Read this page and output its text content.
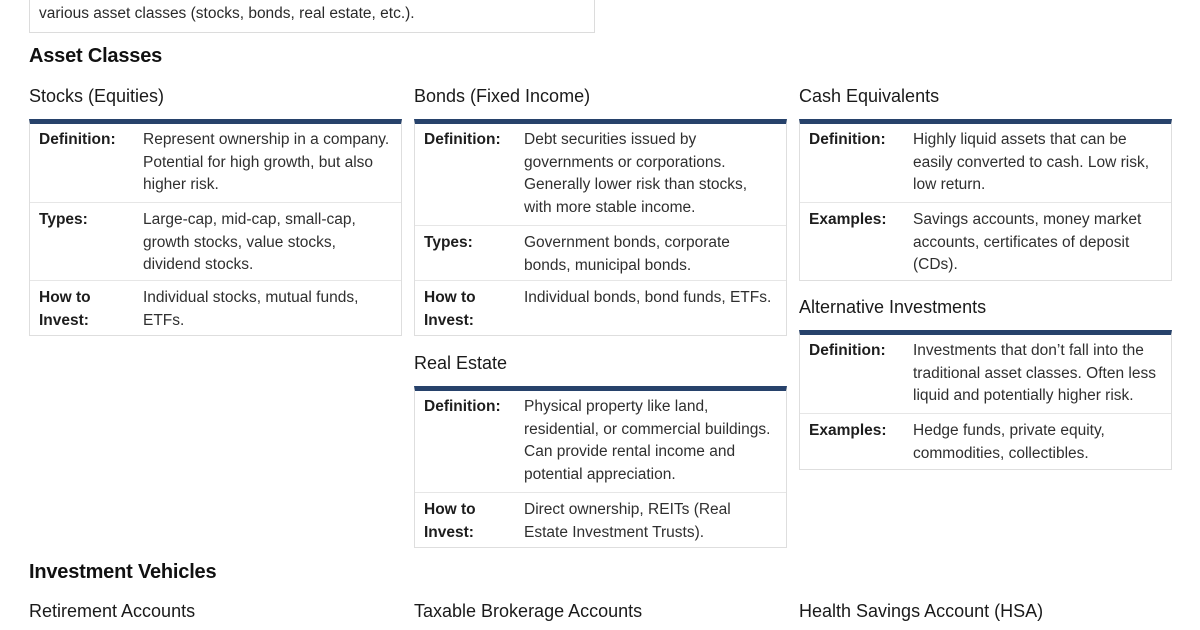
various asset classes (stocks, bonds, real estate, etc.).

Asset Classes
Stocks (Equities)
Definition:	Represent ownership in a company. Potential for high growth, but also higher risk.
Types:	Large-cap, mid-cap, small-cap, growth stocks, value stocks, dividend stocks.
How to Invest:
Individual stocks, mutual funds, ETFs.
Bonds (Fixed Income)
Definition:	Debt securities issued by governments or corporations. Generally lower risk than stocks, with more stable income.
Types:	Government bonds, corporate bonds, municipal bonds.
How to Invest:
Individual bonds, bond funds, ETFs.
Real Estate
Definition:	Physical property like land, residential, or commercial buildings. Can provide rental income and potential appreciation.
How to Invest:
Direct ownership, REITs (Real Estate Investment Trusts).
Cash Equivalents
Definition:	Highly liquid assets that can be easily converted to cash. Low risk, low return.
Examples:	Savings accounts, money market accounts, certificates of deposit (CDs).
Alternative Investments
Definition:	Investments that don’t fall into the traditional asset classes. Often less liquid and potentially higher risk.
Examples:	Hedge funds, private equity, commodities, collectibles.
Investment Vehicles
Retirement Accounts	Taxable Brokerage Accounts	Health Savings Account (HSA)
